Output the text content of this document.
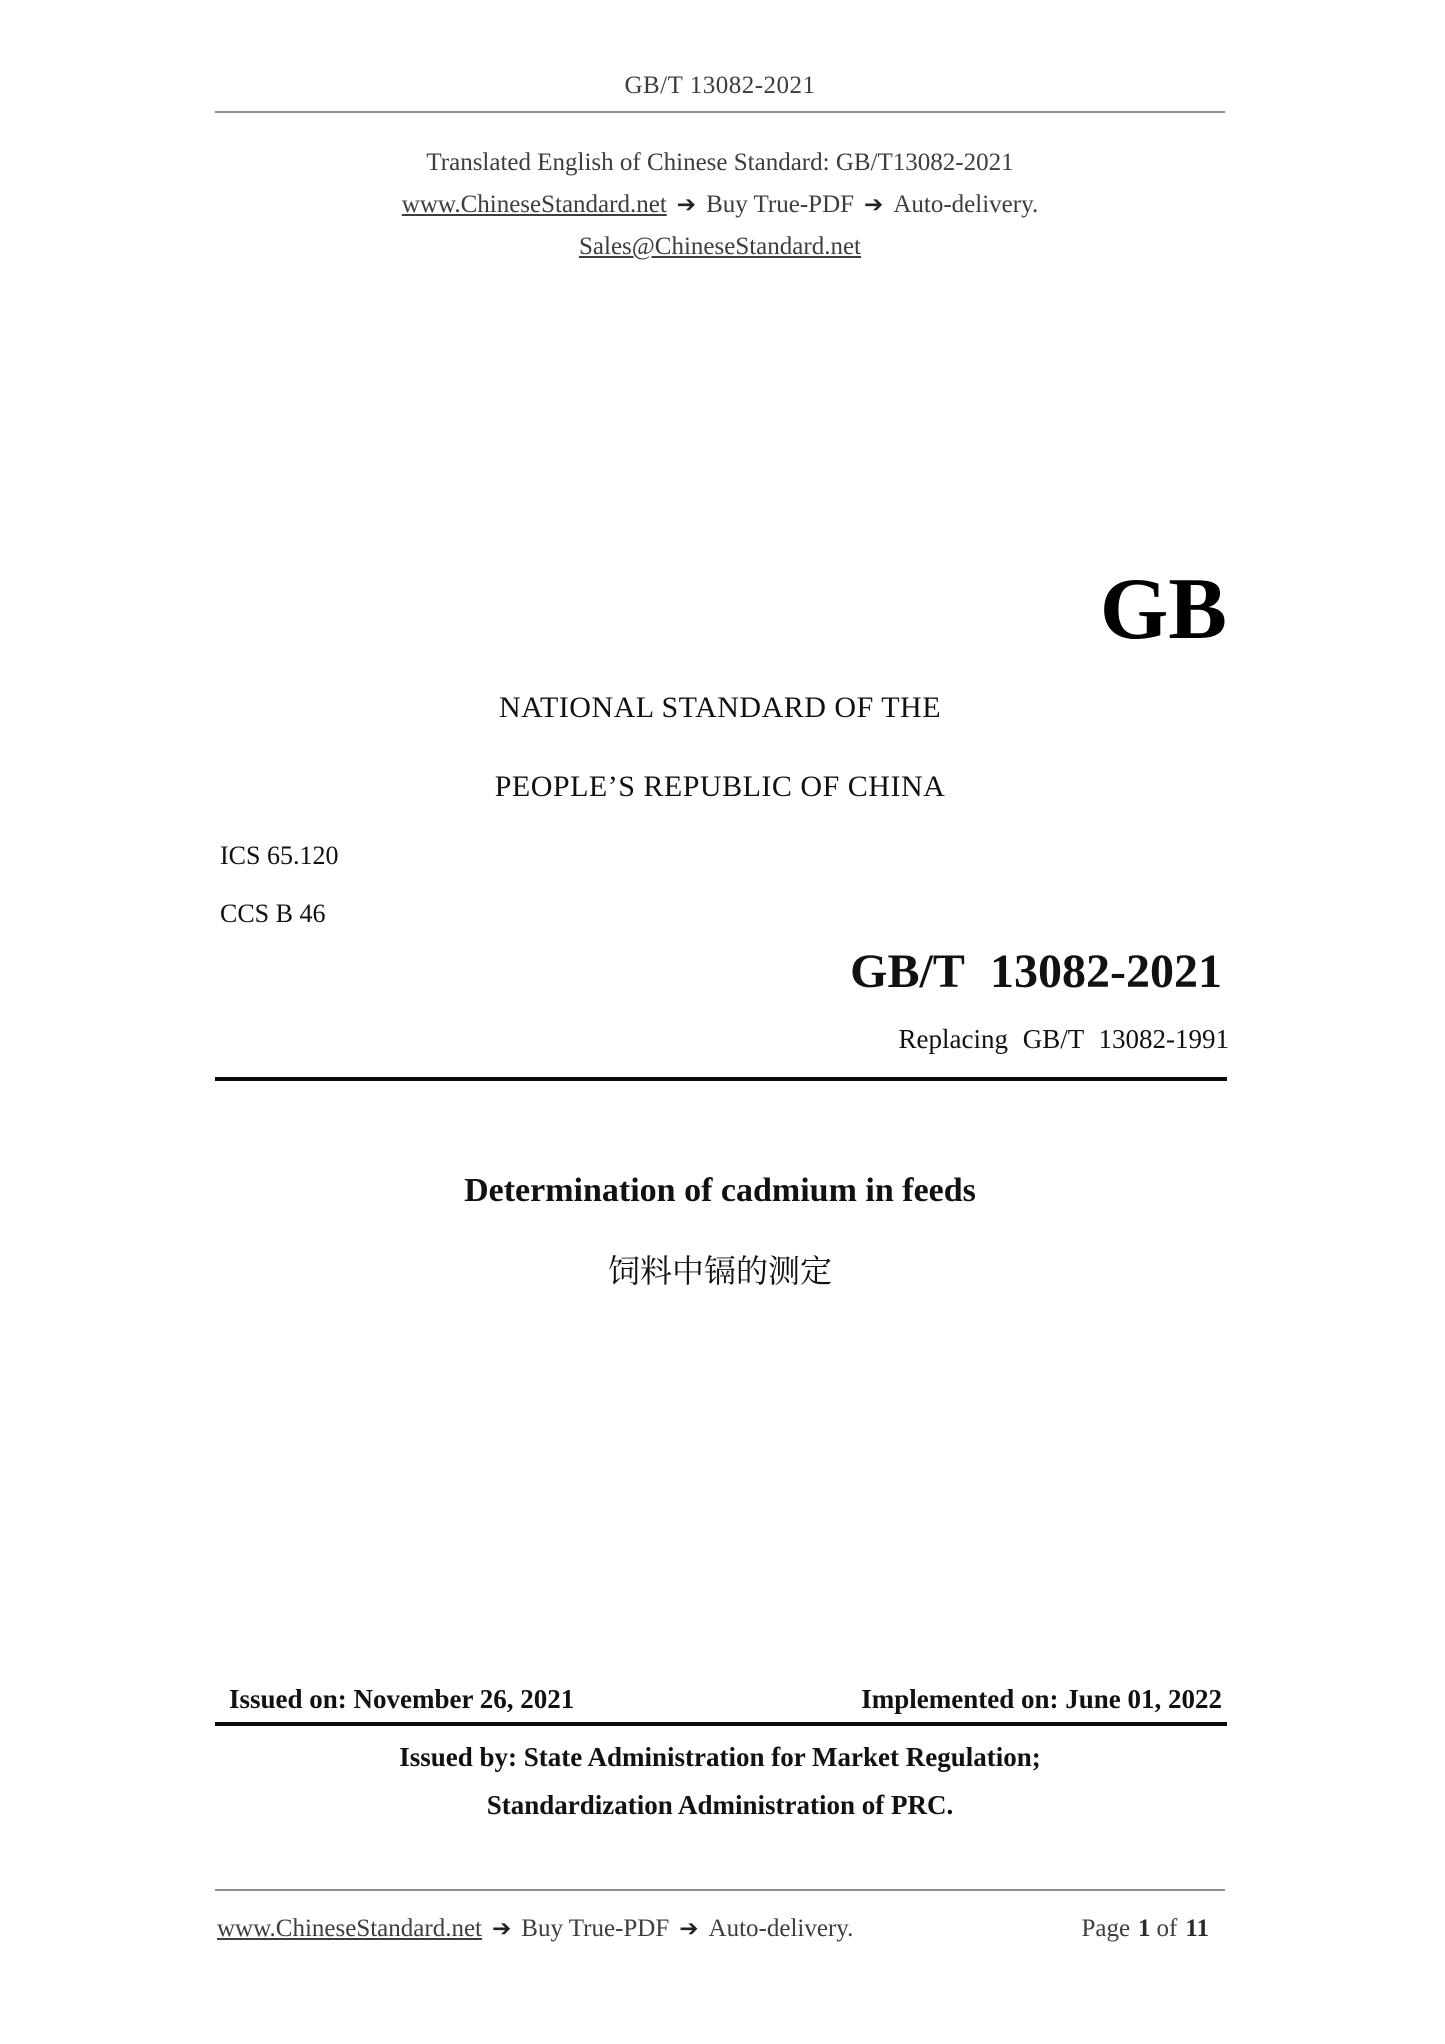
GB/T 13082-2021
Translated English of Chinese Standard: GB/T13082-2021
www.ChineseStandard.net ➔ Buy True-PDF ➔ Auto-delivery.
Sales@ChineseStandard.net
GB
NATIONAL STANDARD OF THE
PEOPLE’S REPUBLIC OF CHINA
ICS 65.120
CCS B 46
GB/T 13082-2021
Replacing GB/T 13082-1991
Determination of cadmium in feeds
饲料中镉的测定
Issued on: November 26, 2021	Implemented on: June 01, 2022
Issued by: State Administration for Market Regulation;
Standardization Administration of PRC.
www.ChineseStandard.net ➔ Buy True-PDF ➔ Auto-delivery.	Page 1 of 11
